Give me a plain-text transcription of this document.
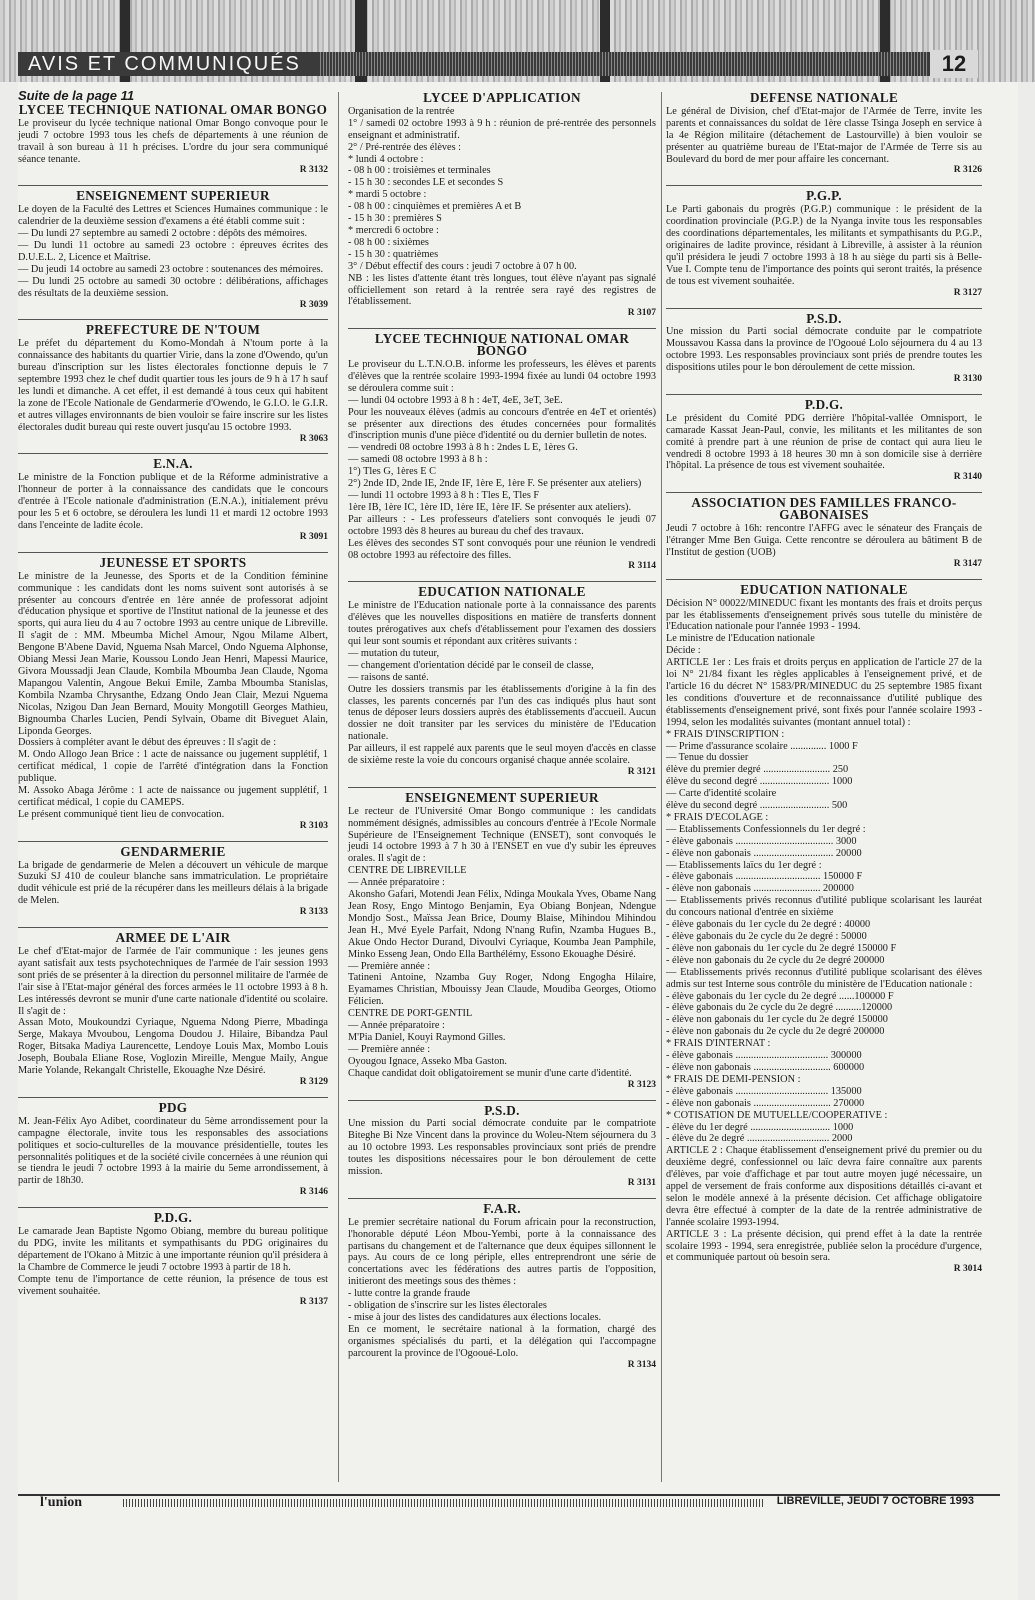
AVIS ET COMMUNIQUÉS	12

Suite de la page 11

LYCEE TECHNIQUE NATIONAL OMAR BONGO

Le proviseur du lycée technique national Omar Bongo convoque pour le jeudi 7 octobre 1993 tous les chefs de départements à une réunion de travail à son bureau à 11 h précises. L'ordre du jour sera communiqué séance tenante.

R 3132
ENSEIGNEMENT SUPERIEUR

Le doyen de la Faculté des Lettres et Sciences Humaines communique : le calendrier de la deuxième session d'examens a été établi comme suit :

— Du lundi 27 septembre au samedi 2 octobre : dépôts des mémoires.

— Du lundi 11 octobre au samedi 23 octobre : épreuves écrites des D.U.E.L. 2, Licence et Maîtrise.

— Du jeudi 14 octobre au samedi 23 octobre : soutenances des mémoires.

— Du lundi 25 octobre au samedi 30 octobre : délibérations, affichages des résultats de la deuxième session.

R 3039
PREFECTURE DE N'TOUM

Le préfet du département du Komo-Mondah à N'toum porte à la connaissance des habitants du quartier Virie, dans la zone d'Owendo, qu'un bureau d'inscription sur les listes électorales fonctionne depuis le 7 septembre 1993 chez le chef dudit quartier tous les jours de 9 h à 17 h sauf les lundi et dimanche. A cet effet, il est demandé à tous ceux qui habitent la zone de l'Ecole Nationale de Gendarmerie d'Owendo, le G.I.O. le G.I.R. et autres villages environnants de bien vouloir se faire inscrire sur les listes électorales dudit bureau qui reste ouvert jusqu'au 15 octobre 1993.

R 3063
E.N.A.

Le ministre de la Fonction publique et de la Réforme administrative a l'honneur de porter à la connaissance des candidats que le concours d'entrée à l'Ecole nationale d'administration (E.N.A.), initialement prévu pour les 5 et 6 octobre, se déroulera les lundi 11 et mardi 12 octobre 1993 dans l'enceinte de ladite école.

R 3091
JEUNESSE ET SPORTS

Le ministre de la Jeunesse, des Sports et de la Condition féminine communique : les candidats dont les noms suivent sont autorisés à se présenter au concours d'entrée en 1ère année de professorat adjoint d'éducation physique et sportive de l'Institut national de la jeunesse et des sports, qui aura lieu du 4 au 7 octobre 1993 au centre unique de Libreville. Il s'agit de : MM. Mbeumba Michel Amour, Ngou Milame Albert, Bengone B'Abene David, Nguema Nsah Marcel, Ondo Nguema Alphonse, Obiang Messi Jean Marie, Koussou Londo Jean Henri, Mapessi Maurice, Givora Moussadji Jean Claude, Kombila Mboumba Jean Claude, Ngoma Mapangou Valentin, Angoue Bekui Emile, Zamba Mboumba Stanislas, Kombila Nzamba Chrysanthe, Edzang Ondo Jean Clair, Mezui Nguema Nicolas, Nzigou Dan Jean Bernard, Mouity Mongotill Georges Mathieu, Bignoumba Charles Lucien, Pendi Sylvain, Obame dit Biveguet Alain, Liponda Georges.

Dossiers à compléter avant le début des épreuves : Il s'agit de :

M. Ondo Allogo Jean Brice : 1 acte de naissance ou jugement supplétif, 1 certificat médical, 1 copie de l'arrêté d'intégration dans la Fonction publique.

M. Assoko Abaga Jérôme : 1 acte de naissance ou jugement supplétif, 1 certificat médical, 1 copie du CAMEPS.

Le présent communiqué tient lieu de convocation.

R 3103
GENDARMERIE

La brigade de gendarmerie de Melen a découvert un véhicule de marque Suzuki SJ 410 de couleur blanche sans immatriculation. Le propriétaire dudit véhicule est prié de la récupérer dans les meilleurs délais à la brigade de Melen.

R 3133
ARMEE DE L'AIR

Le chef d'Etat-major de l'armée de l'air communique : les jeunes gens ayant satisfait aux tests psychotechniques de l'armée de l'air session 1993 sont priés de se présenter à la direction du personnel militaire de l'armée de l'air sise à l'Etat-major général des forces armées le 11 octobre 1993 à 8 h. Les intéressés devront se munir d'une carte nationale d'identité ou scolaire. Il s'agit de :

Assan Moto, Moukoundzi Cyriaque, Nguema Ndong Pierre, Mbadinga Serge, Makaya Mvoubou, Lengoma Doudou J. Hilaire, Bibandza Paul Roger, Bitsaka Madiya Laurencette, Lendoye Louis Max, Mombo Louis Joseph, Boubala Eliane Rose, Voglozin Mireille, Mengue Maily, Angue Marie Yolande, Rekangalt Christelle, Ekouaghe Nze Désiré.

R 3129
PDG

M. Jean-Félix Ayo Adibet, coordinateur du 5ème arrondissement pour la campagne électorale, invite tous les responsables des associations politiques et socio-culturelles de la mouvance présidentielle, toutes les personnalités politiques et de la société civile concernées à une réunion qui se tiendra le jeudi 7 octobre 1993 à la mairie du 5eme arrondissement, à partir de 18h30.

R 3146
P.D.G.

Le camarade Jean Baptiste Ngomo Obiang, membre du bureau politique du PDG, invite les militants et sympathisants du PDG originaires du département de l'Okano à Mitzic à une importante réunion qu'il présidera à la Chambre de Commerce le jeudi 7 octobre 1993 à partir de 18 h.

Compte tenu de l'importance de cette réunion, la présence de tous est vivement souhaitée.

R 3137
LYCEE D'APPLICATION

Organisation de la rentrée

1° / samedi 02 octobre 1993 à 9 h : réunion de pré-rentrée des personnels enseignant et administratif.

2° / Pré-rentrée des élèves :

* lundi 4 octobre :

- 08 h 00 : troisièmes et terminales

- 15 h 30 : secondes LE et secondes S

* mardi 5 octobre :

- 08 h 00 : cinquièmes et premières A et B

- 15 h 30 : premières S

* mercredi 6 octobre :

- 08 h 00 : sixièmes

- 15 h 30 : quatrièmes

3° / Début effectif des cours : jeudi 7 octobre à 07 h 00.

NB : les listes d'attente étant très longues, tout élève n'ayant pas signalé officiellement son retard à la rentrée sera rayé des registres de l'établissement.

R 3107
LYCEE TECHNIQUE NATIONAL OMAR BONGO

Le proviseur du L.T.N.O.B. informe les professeurs, les élèves et parents d'élèves que la rentrée scolaire 1993-1994 fixée au lundi 04 octobre 1993 se déroulera comme suit :

— lundi 04 octobre 1993 à 8 h : 4eT, 4eE, 3eT, 3eE.

Pour les nouveaux élèves (admis au concours d'entrée en 4eT et orientés) se présenter aux directions des études concernées pour formalités d'inscription munis d'une pièce d'identité ou du dernier bulletin de notes.

— vendredi 08 octobre 1993 à 8 h : 2ndes L E, 1ères G.

— samedi 08 octobre 1993 à 8 h :

1°) Tles G, 1ères E C

2°) 2nde ID, 2nde IE, 2nde IF, 1ère E, 1ère F. Se présenter aux ateliers)

— lundi 11 octobre 1993 à 8 h : Tles E, Tles F

1ère IB, 1ère IC, 1ère ID, 1ère IE, 1ère IF. Se présenter aux ateliers).

Par ailleurs : - Les professeurs d'ateliers sont convoqués le jeudi 07 octobre 1993 dès 8 heures au bureau du chef des travaux.

Les élèves des secondes ST sont convoqués pour une réunion le vendredi 08 octobre 1993 au réfectoire des filles.

R 3114
EDUCATION NATIONALE

Le ministre de l'Education nationale porte à la connaissance des parents d'élèves que les nouvelles dispositions en matière de transferts donnent toutes prérogatives aux chefs d'établissement pour l'examen des dossiers qui leur sont soumis et répondant aux critères suivants :

— mutation du tuteur,

— changement d'orientation décidé par le conseil de classe,

— raisons de santé.

Outre les dossiers transmis par les établissements d'origine à la fin des classes, les parents concernés par l'un des cas indiqués plus haut sont tenus de déposer leurs dossiers auprès des établissements d'accueil. Aucun dossier ne doit transiter par les services du ministère de l'Education nationale.

Par ailleurs, il est rappelé aux parents que le seul moyen d'accès en classe de sixième reste la voie du concours organisé chaque année scolaire.

R 3121
ENSEIGNEMENT SUPERIEUR

Le recteur de l'Université Omar Bongo communique : les candidats nommément désignés, admissibles au concours d'entrée à l'Ecole Normale Supérieure de l'Enseignement Technique (ENSET), sont convoqués le jeudi 14 octobre 1993 à 7 h 30 à l'ENSET en vue d'y subir les épreuves orales. Il s'agit de :

CENTRE DE LIBREVILLE

— Année préparatoire :

Akonsho Gafari, Motendi Jean Félix, Ndinga Moukala Yves, Obame Nang Jean Rosy, Engo Mintogo Benjamin, Eya Obiang Bonjean, Ndengue Mondjo Sost., Maïssa Jean Brice, Doumy Blaise, Mihindou Mihindou Jean H., Mvé Eyele Parfait, Ndong N'nang Rufin, Nzamba Hugues B., Akue Ondo Hector Durand, Divoulvi Cyriaque, Koumba Jean Pamphile, Minko Esseng Jean, Ondo Ella Barthélémy, Essono Ekouaghe Désiré.

— Première année :

Tatineni Antoine, Nzamba Guy Roger, Ndong Engogha Hilaire, Eyamames Christian, Mbouissy Jean Claude, Moudiba Georges, Otiomo Félicien.

CENTRE DE PORT-GENTIL

— Année préparatoire :

M'Pia Daniel, Kouyi Raymond Gilles.

— Première année :

Oyougou Ignace, Asseko Mba Gaston.

Chaque candidat doit obligatoirement se munir d'une carte d'identité.

R 3123
P.S.D.

Une mission du Parti social démocrate conduite par le compatriote Biteghe Bi Nze Vincent dans la province du Woleu-Ntem séjournera du 3 au 10 octobre 1993. Les responsables provinciaux sont priés de prendre toutes les dispositions nécessaires pour le bon déroulement de cette mission.

R 3131
F.A.R.

Le premier secrétaire national du Forum africain pour la reconstruction, l'honorable député Léon Mbou-Yembi, porte à la connaissance des partisans du changement et de l'alternance que deux équipes sillonnent le pays. Au cours de ce long périple, elles entreprendront une série de concertations avec les fédérations des autres partis de l'opposition, initieront des meetings sous des thèmes :

- lutte contre la grande fraude

- obligation de s'inscrire sur les listes électorales

- mise à jour des listes des candidatures aux élections locales.

En ce moment, le secrétaire national à la formation, chargé des organismes spécialisés du parti, et la délégation qui l'accompagne parcourent la province de l'Ogooué-Lolo.

R 3134
DEFENSE NATIONALE

Le général de Division, chef d'Etat-major de l'Armée de Terre, invite les parents et connaissances du soldat de 1ère classe Tsinga Joseph en service à la 4e Région militaire (détachement de Lastourville) à bien vouloir se présenter au quatrième bureau de l'Etat-major de l'Armée de Terre sis au Boulevard du bord de mer pour affaire les concernant.

R 3126
P.G.P.

Le Parti gabonais du progrès (P.G.P.) communique : le président de la coordination provinciale (P.G.P.) de la Nyanga invite tous les responsables des coordinations départementales, les militants et sympathisants du P.G.P., originaires de ladite province, résidant à Libreville, à assister à la réunion qu'il présidera le jeudi 7 octobre 1993 à 18 h au siège du parti sis à Belle-Vue I. Compte tenu de l'importance des points qui seront traités, la présence de tous est vivement souhaitée.

R 3127
P.S.D.

Une mission du Parti social démocrate conduite par le compatriote Moussavou Kassa dans la province de l'Ogooué Lolo séjournera du 4 au 13 octobre 1993. Les responsables provinciaux sont priés de prendre toutes les dispositions utiles pour le bon déroulement de cette mission.

R 3130
P.D.G.

Le président du Comité PDG derrière l'hôpital-vallée Omnisport, le camarade Kassat Jean-Paul, convie, les militants et les militantes de son comité à prendre part à une réunion de prise de contact qui aura lieu le vendredi 8 octobre 1993 à 18 heures 30 mn à son domicile sise à derrière l'hôpital. La présence de tous est vivement souhaitée.

R 3140
ASSOCIATION DES FAMILLES FRANCO-GABONAISES

Jeudi 7 octobre à 16h: rencontre l'AFFG avec le sénateur des Français de l'étranger Mme Ben Guiga. Cette rencontre se déroulera au bâtiment B de l'Institut de gestion (UOB)

R 3147
EDUCATION NATIONALE

Décision N° 00022/MINEDUC fixant les montants des frais et droits perçus par les établissements d'enseignement privés sous tutelle du ministère de l'Education nationale pour l'année 1993 - 1994.

Le ministre de l'Education nationale

Décide :

ARTICLE 1er : Les frais et droits perçus en application de l'article 27 de la loi N° 21/84 fixant les règles applicables à l'enseignement privé, et de l'article 16 du décret N° 1583/PR/MINEDUC du 25 septembre 1985 fixant les conditions d'ouverture et de reconnaissance d'utilité publique des établissements d'enseignement privé, sont fixés pour l'année scolaire 1993 - 1994, selon les modalités suivantes (montant annuel total) :

* FRAIS D'INSCRIPTION :

— Prime d'assurance scolaire .............. 1000 F

— Tenue du dossier

élève du premier degré .......................... 250

élève du second degré ........................... 1000

— Carte d'identité scolaire

élève du second degré ........................... 500

* FRAIS D'ECOLAGE :

— Etablissements Confessionnels du 1er degré :

- élève gabonais ...................................... 3000

- élève non gabonais ............................... 20000

— Etablissements laïcs du 1er degré :

- élève gabonais ................................. 150000 F

- élève non gabonais .......................... 200000

— Etablissements privés reconnus d'utilité publique scolarisant les lauréat du concours national d'entrée en sixième

- élève gabonais du 1er cycle du 2e degré : 40000

- élève gabonais du 2e cycle du 2e degré : 50000

- élève non gabonais du 1er cycle du 2e degré 150000 F

- élève non gabonais du 2e cycle du 2e degré 200000

— Etablissements privés reconnus d'utilité publique scolarisant des élèves admis sur test Interne sous contrôle du ministère de l'Education nationale :

- élève gabonais du 1er cycle du 2e degré ......100000 F

- élève gabonais du 2e cycle du 2e degré ..........120000

- élève non gabonais du 1er cycle du 2e degré 150000

- élève non gabonais du 2e cycle du 2e degré 200000

* FRAIS D'INTERNAT :

- élève gabonais .................................... 300000

- élève non gabonais .............................. 600000

* FRAIS DE DEMI-PENSION :

- élève gabonais .................................... 135000

- élève non gabonais .............................. 270000

* COTISATION DE MUTUELLE/COOPERATIVE :

- élève du 1er degré ............................... 1000

- élève du 2e degré ................................ 2000

ARTICLE 2 : Chaque établissement d'enseignement privé du premier ou du deuxième degré, confessionnel ou laïc devra faire connaître aux parents d'élèves, par voie d'affichage et par tout autre moyen jugé nécessaire, un appel de versement de frais conforme aux dispositions détaillés ci-avant et selon le modèle annexé à la présente décision. Cet affichage obligatoire devra être effectué à compter de la date de la rentrée administrative de l'année scolaire 1993-1994.

ARTICLE 3 : La présente décision, qui prend effet à la date la rentrée scolaire 1993 - 1994, sera enregistrée, publiée selon la procédure d'urgence, et communiquée partout où besoin sera.

R 3014
l'union	LIBREVILLE, JEUDI 7 OCTOBRE 1993
